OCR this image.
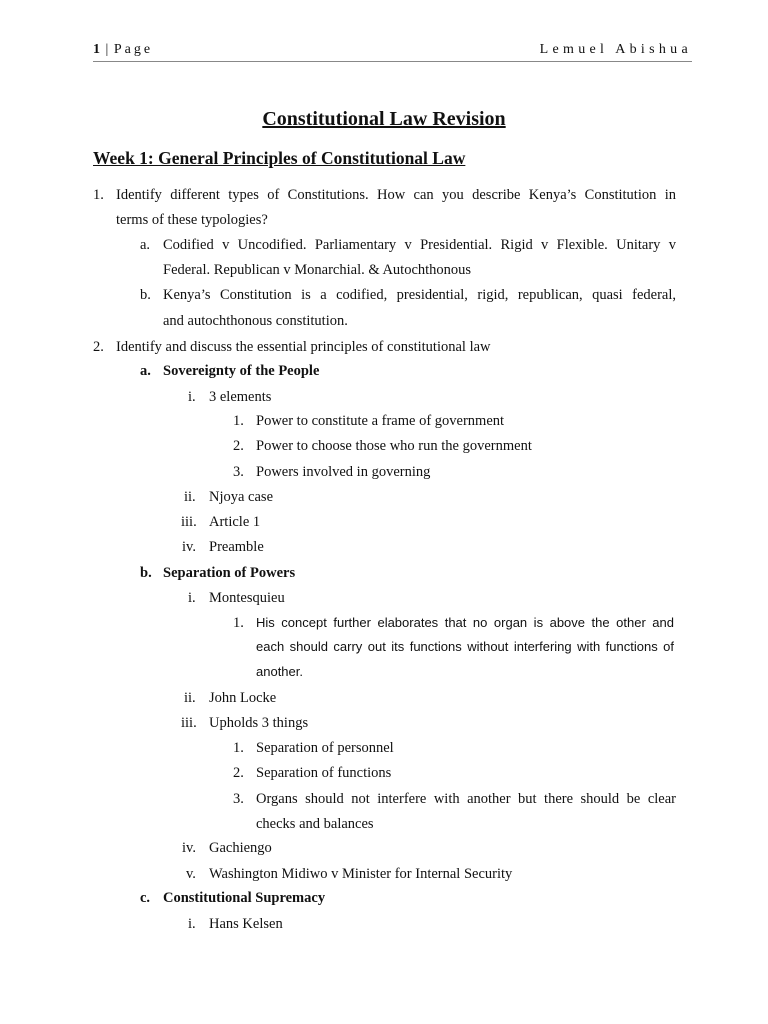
1 | Page	Lemuel Abishua
Constitutional Law Revision
Week 1: General Principles of Constitutional Law
1. Identify different types of Constitutions. How can you describe Kenya’s Constitution in
terms of these typologies?
a. Codified v Uncodified. Parliamentary v Presidential. Rigid v Flexible. Unitary v
Federal. Republican v Monarchial. & Autochthonous
b. Kenya’s Constitution is a codified, presidential, rigid, republican, quasi federal,
and autochthonous constitution.
2. Identify and discuss the essential principles of constitutional law
a. Sovereignty of the People
i. 3 elements
1. Power to constitute a frame of government
2. Power to choose those who run the government
3. Powers involved in governing
ii. Njoya case
iii. Article 1
iv. Preamble
b. Separation of Powers
i. Montesquieu
1. His concept further elaborates that no organ is above the other and
each should carry out its functions without interfering with functions of
another.
ii. John Locke
iii. Upholds 3 things
1. Separation of personnel
2. Separation of functions
3. Organs should not interfere with another but there should be clear
checks and balances
iv. Gachiengo
v. Washington Midiwo v Minister for Internal Security
c. Constitutional Supremacy
i. Hans Kelsen
